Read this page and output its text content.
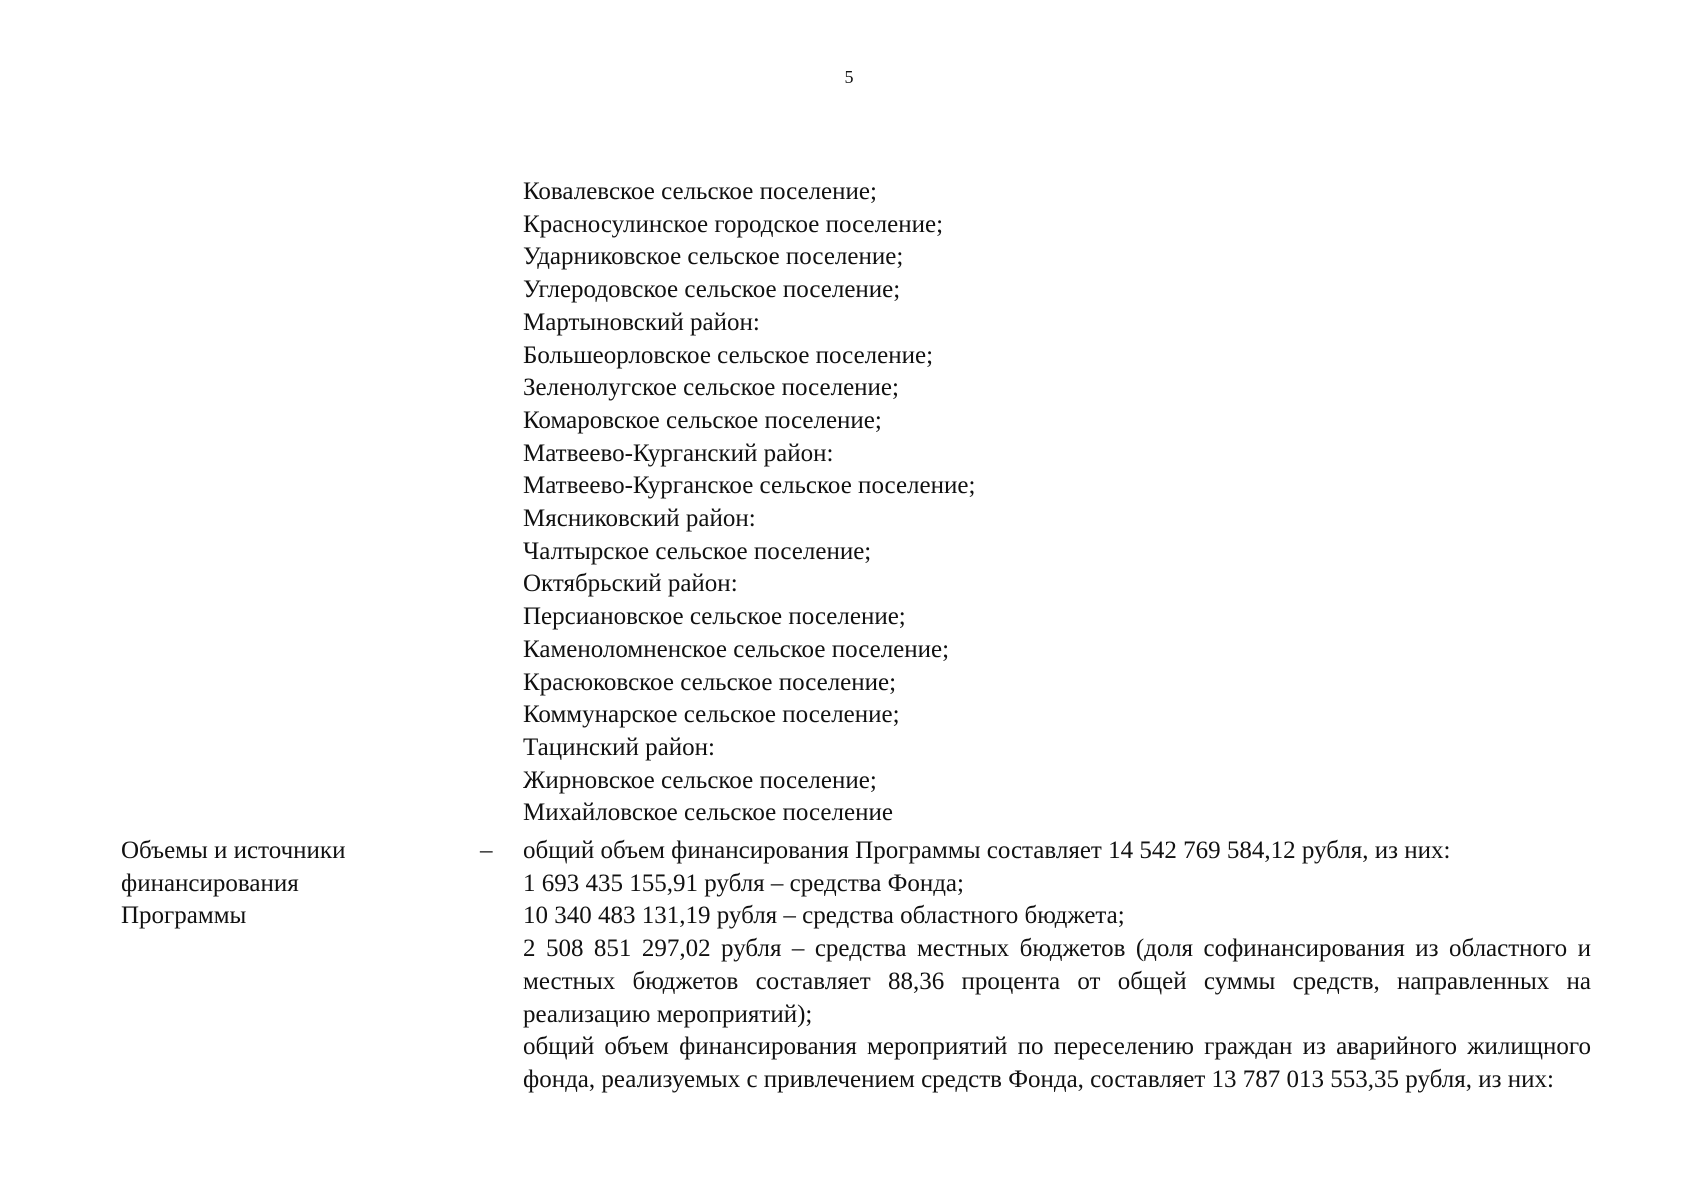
5
Ковалевское сельское поселение;
Красносулинское городское поселение;
Ударниковское сельское поселение;
Углеродовское сельское поселение;
Мартыновский район:
Большеорловское сельское поселение;
Зеленолугское сельское поселение;
Комаровское сельское поселение;
Матвеево-Курганский район:
Матвеево-Курганское сельское поселение;
Мясниковский район:
Чалтырское сельское поселение;
Октябрьский район:
Персиановское сельское поселение;
Каменоломненское сельское поселение;
Красюковское сельское поселение;
Коммунарское сельское поселение;
Тацинский район:
Жирновское сельское поселение;
Михайловское сельское поселение
Объемы и источники
финансирования
Программы
– общий объем финансирования Программы составляет 14 542 769 584,12 рубля, из них:

1 693 435 155,91 рубля – средства Фонда;

10 340 483 131,19 рубля – средства областного бюджета;

2 508 851 297,02 рубля – средства местных бюджетов (доля софинансирования из областного и местных бюджетов составляет 88,36 процента от общей суммы средств, направленных на реализацию мероприятий);

общий объем финансирования мероприятий по переселению граждан из аварийного жилищного фонда, реализуемых с привлечением средств Фонда, составляет 13 787 013 553,35 рубля, из них:
